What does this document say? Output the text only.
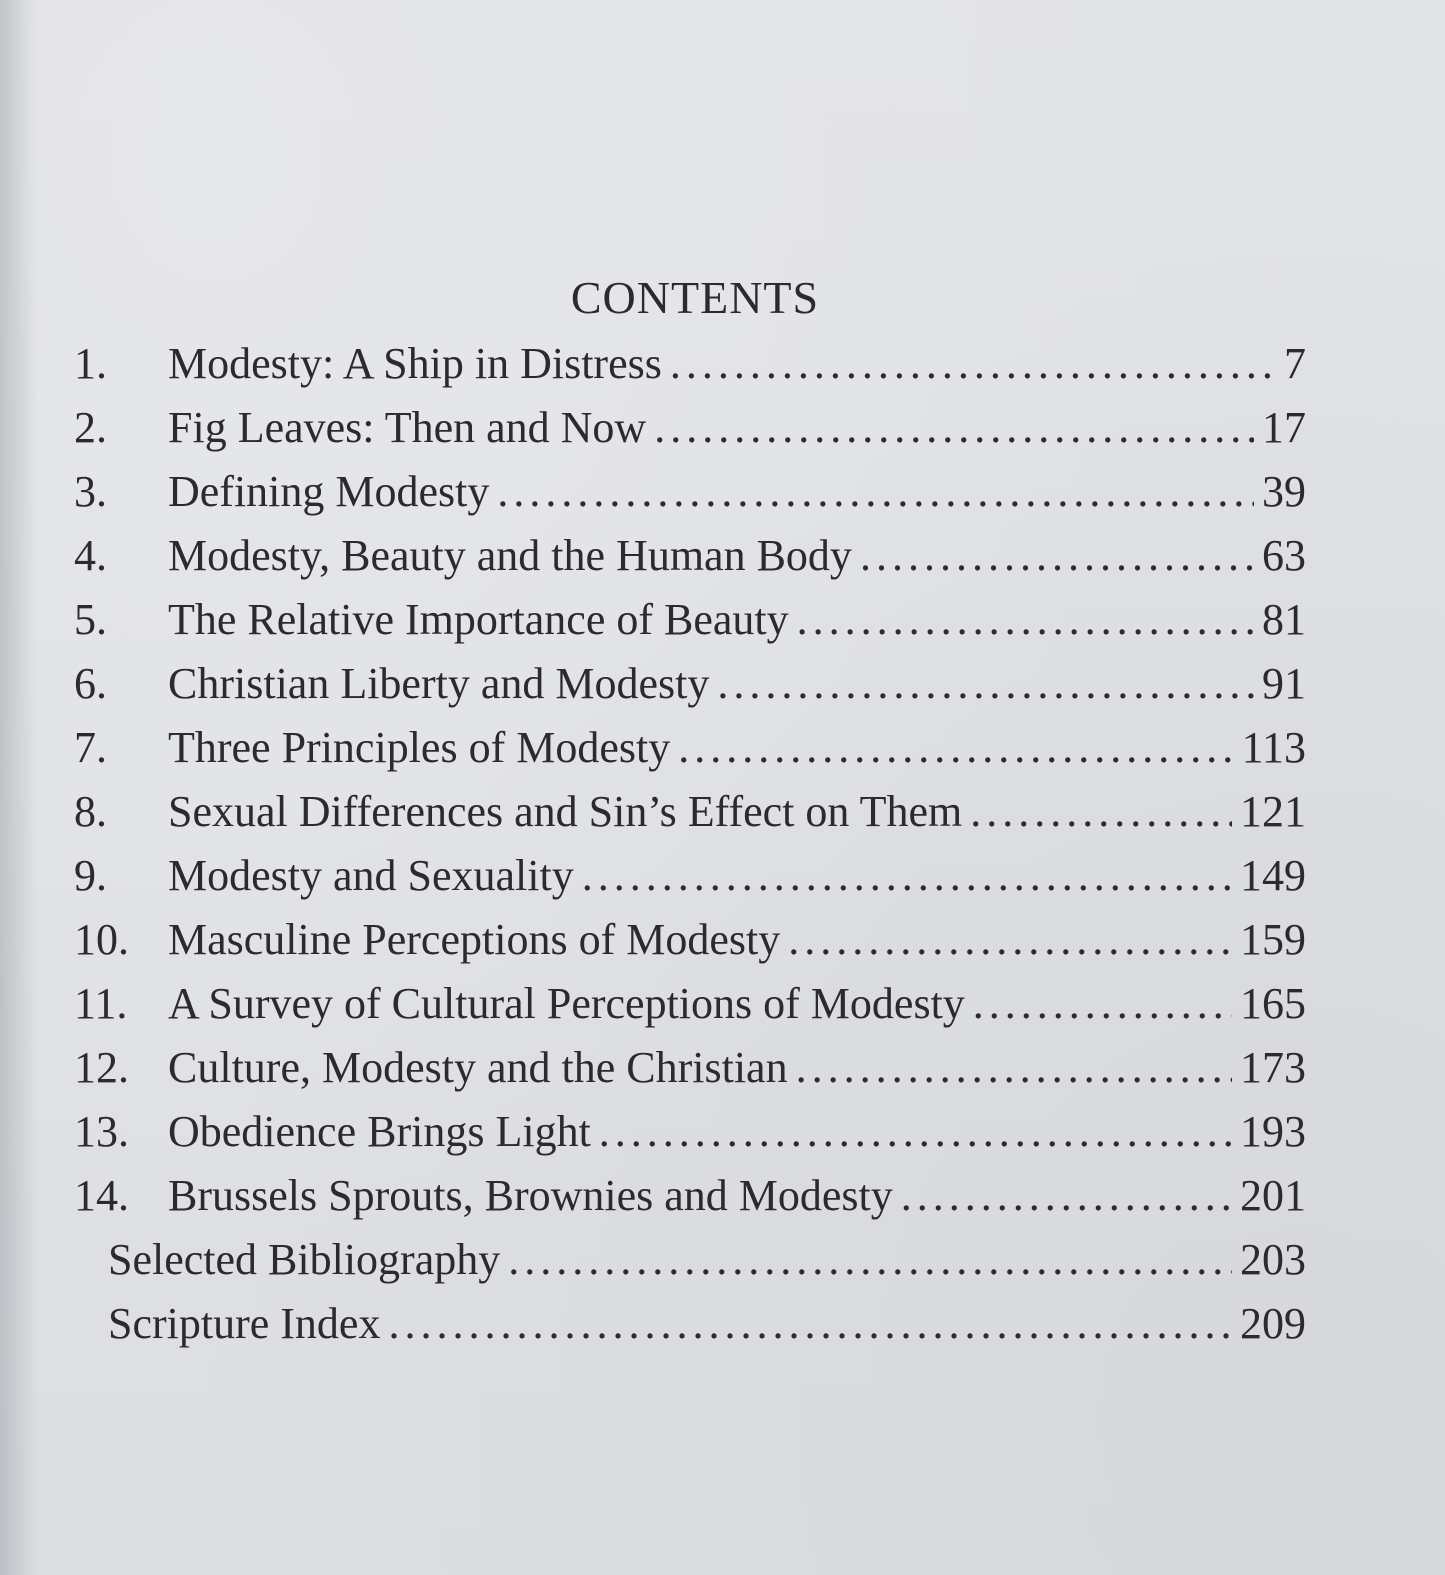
CONTENTS
1.	Modesty: A Ship in Distress . . .	7
2.	Fig Leaves: Then and Now . . .	17
3.	Defining Modesty . . .	39
4.	Modesty, Beauty and the Human Body . . .	63
5.	The Relative Importance of Beauty . . .	81
6.	Christian Liberty and Modesty . . .	91
7.	Three Principles of Modesty . . .	113
8.	Sexual Differences and Sin’s Effect on Them . . .	121
9.	Modesty and Sexuality . . .	149
10. Masculine Perceptions of Modesty . . .	159
11. A Survey of Cultural Perceptions of Modesty . . .	165
12. Culture, Modesty and the Christian . . .	173
13. Obedience Brings Light . . .	193
14. Brussels Sprouts, Brownies and Modesty . . .	201
Selected Bibliography . . .	203
Scripture Index . . .	209
